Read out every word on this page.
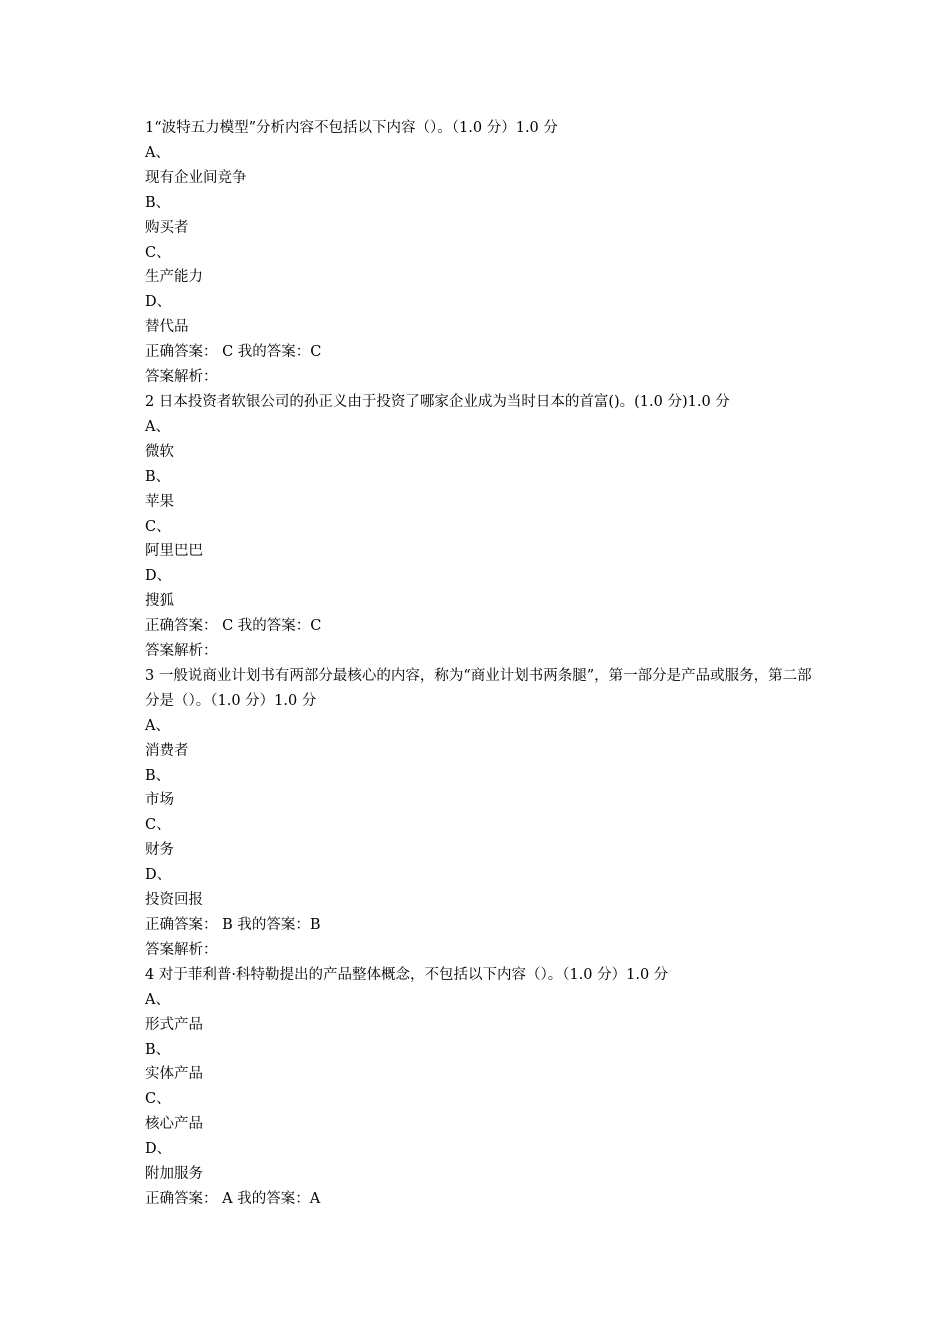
1“波特五力模型”分析内容不包括以下内容（）。（1.0 分）1.0 分

A、

现有企业间竞争

B、

购买者

C、

生产能力

D、

替代品

正确答案： C 我的答案：C

答案解析：

2 日本投资者软银公司的孙正义由于投资了哪家企业成为当时日本的首富()。(1.0 分)1.0 分

A、

微软

B、

苹果

C、

阿里巴巴

D、

搜狐

正确答案： C 我的答案：C

答案解析：

3 一般说商业计划书有两部分最核心的内容，称为“商业计划书两条腿”，第一部分是产品或服务，第二部分是（）。（1.0 分）1.0 分

A、

消费者

B、

市场

C、

财务

D、

投资回报

正确答案： B 我的答案：B

答案解析：

4 对于菲利普·科特勒提出的产品整体概念，不包括以下内容（）。（1.0 分）1.0 分

A、

形式产品

B、

实体产品

C、

核心产品

D、

附加服务

正确答案： A 我的答案：A
